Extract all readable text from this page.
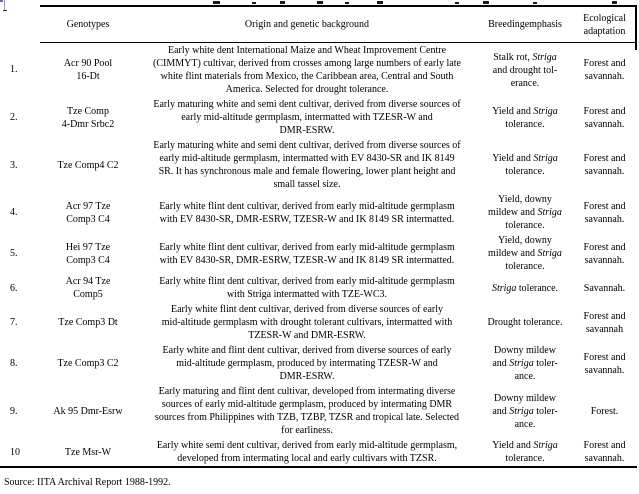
	Genotypes	Origin and genetic background	Breedingemphasis	Ecological
adaptation
1.	Acr 90 Pool
16-Dt	Early white dent International Maize and Wheat Improvement Centre
(CIMMYT) cultivar, derived from crosses among large numbers of early late
white flint materials from Mexico, the Caribbean area, Central and South
America. Selected for drought tolerance.	Stalk rot, Striga
and drought tol-
erance.	Forest and
savannah.
2.	Tze Comp
4-Dmr Srbc2	Early maturing white and semi dent cultivar, derived from diverse sources of
early mid-altitude germplasm, intermatted with TZESR-W and
DMR-ESRW.	Yield and Striga
tolerance.	Forest and
savannah.
3.	Tze Comp4 C2	Early maturing white and semi dent cultivar, derived from diverse sources of
early mid-altitude germplasm, intermatted with EV 8430-SR and IK 8149
SR. It has synchronous male and female flowering, lower plant height and
small tassel size.	Yield and Striga
tolerance.	Forest and
savannah.
4.	Acr 97 Tze
Comp3 C4	Early white flint dent cultivar, derived from early mid-altitude germplasm
with EV 8430-SR, DMR-ESRW, TZESR-W and IK 8149 SR intermatted.	Yield, downy
mildew and Striga
tolerance.	Forest and
savannah.
5.	Hei 97 Tze
Comp3 C4	Early white flint dent cultivar, derived from early mid-altitude germplasm
with EV 8430-SR, DMR-ESRW, TZESR-W and IK 8149 SR intermatted.	Yield, downy
mildew and Striga
tolerance.	Forest and
savannah.
6.	Acr 94 Tze
Comp5	Early white flint dent cultivar, derived from early mid-altitude germplasm
with Striga intermatted with TZE-WC3.	Striga tolerance.	Savannah.
7.	Tze Comp3 Dt	Early white flint dent cultivar, derived from diverse sources of early
mid-altitude germplasm with drought tolerant cultivars, intermatted with
TZESR-W and DMR-ESRW.	Drought tolerance.	Forest and
savannah
8.	Tze Comp3 C2	Early white and flint dent cultivar, derived from diverse sources of early
mid-altitude germplasm, produced by intermating TZESR-W and
DMR-ESRW.	Downy mildew
and Striga toler-
ance.	Forest and
savannah.
9.	Ak 95 Dmr-Esrw	Early maturing and flint dent cultivar, developed from intermating diverse
sources of early mid-altitude germplasm, produced by intermating DMR
sources from Philippines with TZB, TZBP, TZSR and tropical late. Selected
for earliness.	Downy mildew
and Striga toler-
ance.	Forest.
10	Tze Msr-W	Early white semi dent cultivar, derived from early mid-altitude germplasm,
developed from intermating local and early cultivars with TZSR.	Yield and Striga
tolerance.	Forest and
savannah.
Source: IITA Archival Report 1988-1992.
